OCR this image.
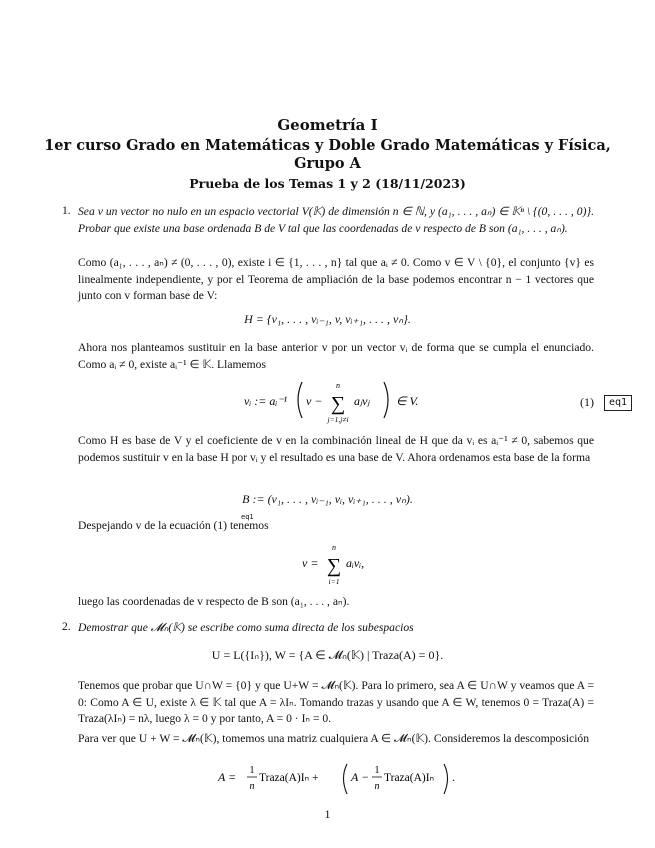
Geometría I
1er curso Grado en Matemáticas y Doble Grado Matemáticas y Física,
Grupo A
Prueba de los Temas 1 y 2 (18/11/2023)
1. Sea v un vector no nulo en un espacio vectorial V(𝕂) de dimensión n ∈ ℕ, y (a₁, . . . , aₙ) ∈ 𝕂ⁿ \ {(0, . . . , 0)}. Probar que existe una base ordenada B de V tal que las coordenadas de v respecto de B son (a₁, . . . , aₙ).
Como (a₁, . . . , aₙ) ≠ (0, . . . , 0), existe i ∈ {1, . . . , n} tal que aᵢ ≠ 0. Como v ∈ V \ {0}, el conjunto {v} es linealmente independiente, y por el Teorema de ampliación de la base podemos encontrar n − 1 vectores que junto con v forman base de V:
H = {v₁, . . . , vᵢ₋₁, v, vᵢ₊₁, . . . , vₙ}.
Ahora nos planteamos sustituir en la base anterior v por un vector vᵢ de forma que se cumpla el enunciado. Como aᵢ ≠ 0, existe aᵢ⁻¹ ∈ 𝕂. Llamemos
vᵢ := aᵢ⁻¹ v −
n
∑
j=1,j≠i
aⱼvⱼ ∈ V.	(1)	eq1
Como H es base de V y el coeficiente de v en la combinación lineal de H que da vᵢ es aᵢ⁻¹ ≠ 0, sabemos que podemos sustituir v en la base H por vᵢ y el resultado es una base de V. Ahora ordenamos esta base de la forma
B := (v₁, . . . , vᵢ₋₁, vᵢ, vᵢ₊₁, . . . , vₙ).
eq1
Despejando v de la ecuación (1) tenemos
v =
n
∑
i=1
aᵢvᵢ,
luego las coordenadas de v respecto de B son (a₁, . . . , aₙ).
2. Demostrar que 𝓜ₙ(𝕂) se escribe como suma directa de los subespacios
U = L({Iₙ}), W = {A ∈ 𝓜ₙ(𝕂) | Traza(A) = 0}.
Tenemos que probar que U∩W = {0} y que U+W = 𝓜ₙ(𝕂). Para lo primero, sea A ∈ U∩W y veamos que A = 0: Como A ∈ U, existe λ ∈ 𝕂 tal que A = λIₙ. Tomando trazas y usando que A ∈ W, tenemos 0 = Traza(A) = Traza(λIₙ) = nλ, luego λ = 0 y por tanto, A = 0 · Iₙ = 0.
Para ver que U + W = 𝓜ₙ(𝕂), tomemos una matriz cualquiera A ∈ 𝓜ₙ(𝕂). Consideremos la descomposición
A = 1
n
Traza(A)Iₙ +	A − 1
n
Traza(A)Iₙ .
1
